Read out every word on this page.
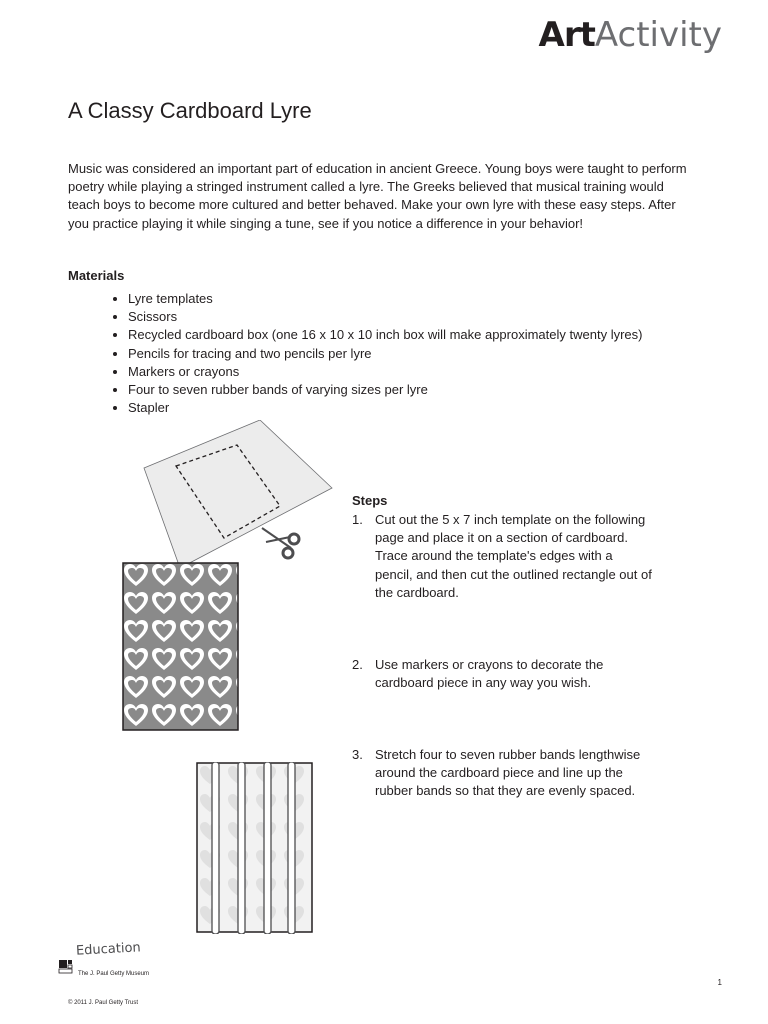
ArtActivity
A Classy Cardboard Lyre

Music was considered an important part of education in ancient Greece. Young boys were taught to perform poetry while playing a stringed instrument called a lyre. The Greeks believed that musical training would teach boys to become more cultured and better behaved. Make your own lyre with these easy steps. After you practice playing it while singing a tune, see if you notice a difference in your behavior!

Materials
• Lyre templates
• Scissors
• Recycled cardboard box (one 16 x 10 x 10 inch box will make approximately twenty lyres)
• Pencils for tracing and two pencils per lyre
• Markers or crayons
• Four to seven rubber bands of varying sizes per lyre
• Stapler
Steps
1. Cut out the 5 x 7 inch template on the following page and place it on a section of cardboard. Trace around the template's edges with a pencil, and then cut the outlined rectangle out of the cardboard.
2. Use markers or crayons to decorate the cardboard piece in any way you wish.
3. Stretch four to seven rubber bands lengthwise around the cardboard piece and line up the rubber bands so that they are evenly spaced.
Education
The J. Paul Getty Museum
© 2011 J. Paul Getty Trust
1
